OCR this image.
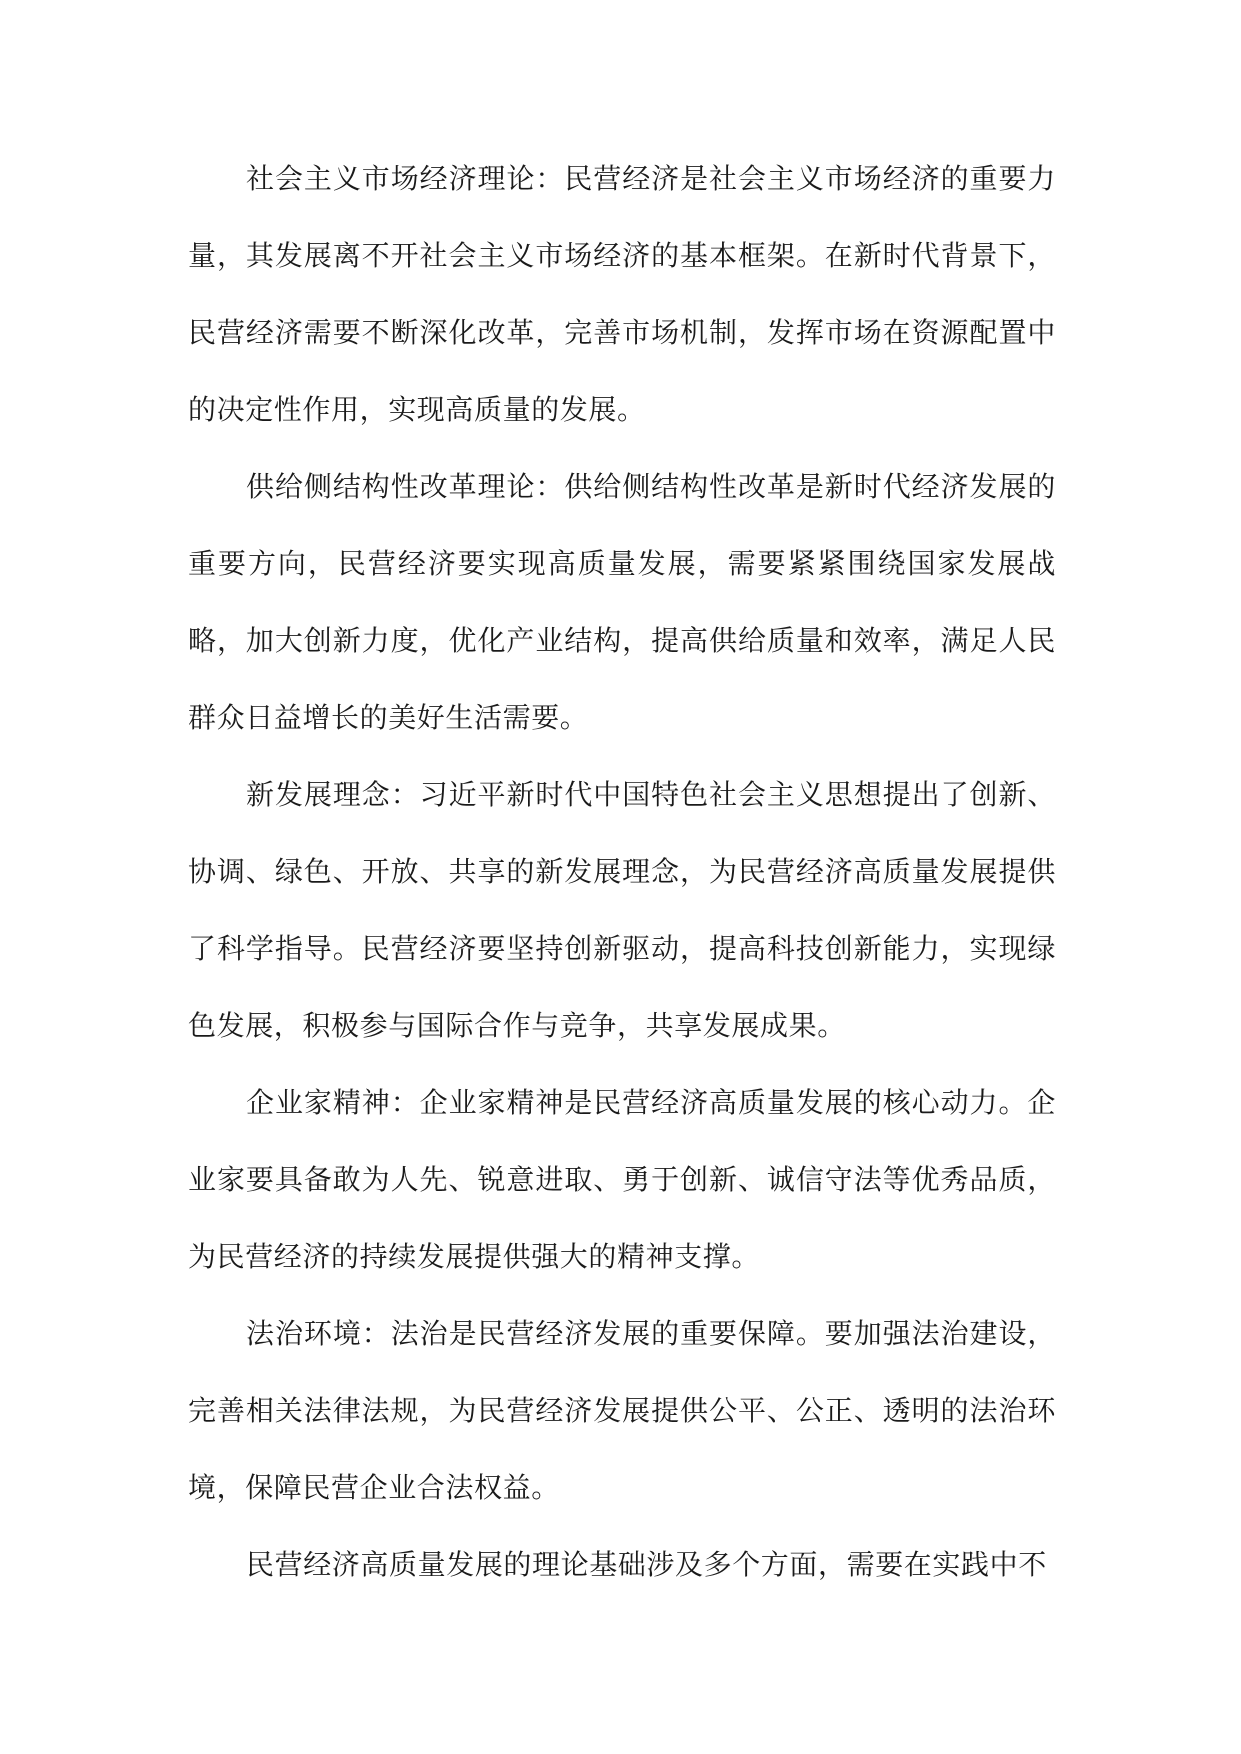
社会主义市场经济理论：民营经济是社会主义市场经济的重要力量，其发展离不开社会主义市场经济的基本框架。在新时代背景下，民营经济需要不断深化改革，完善市场机制，发挥市场在资源配置中的决定性作用，实现高质量的发展。

供给侧结构性改革理论：供给侧结构性改革是新时代经济发展的重要方向，民营经济要实现高质量发展，需要紧紧围绕国家发展战略，加大创新力度，优化产业结构，提高供给质量和效率，满足人民群众日益增长的美好生活需要。

新发展理念：习近平新时代中国特色社会主义思想提出了创新、协调、绿色、开放、共享的新发展理念，为民营经济高质量发展提供了科学指导。民营经济要坚持创新驱动，提高科技创新能力，实现绿色发展，积极参与国际合作与竞争，共享发展成果。

企业家精神：企业家精神是民营经济高质量发展的核心动力。企业家要具备敢为人先、锐意进取、勇于创新、诚信守法等优秀品质，为民营经济的持续发展提供强大的精神支撑。

法治环境：法治是民营经济发展的重要保障。要加强法治建设，完善相关法律法规，为民营经济发展提供公平、公正、透明的法治环境，保障民营企业合法权益。

民营经济高质量发展的理论基础涉及多个方面，需要在实践中不
